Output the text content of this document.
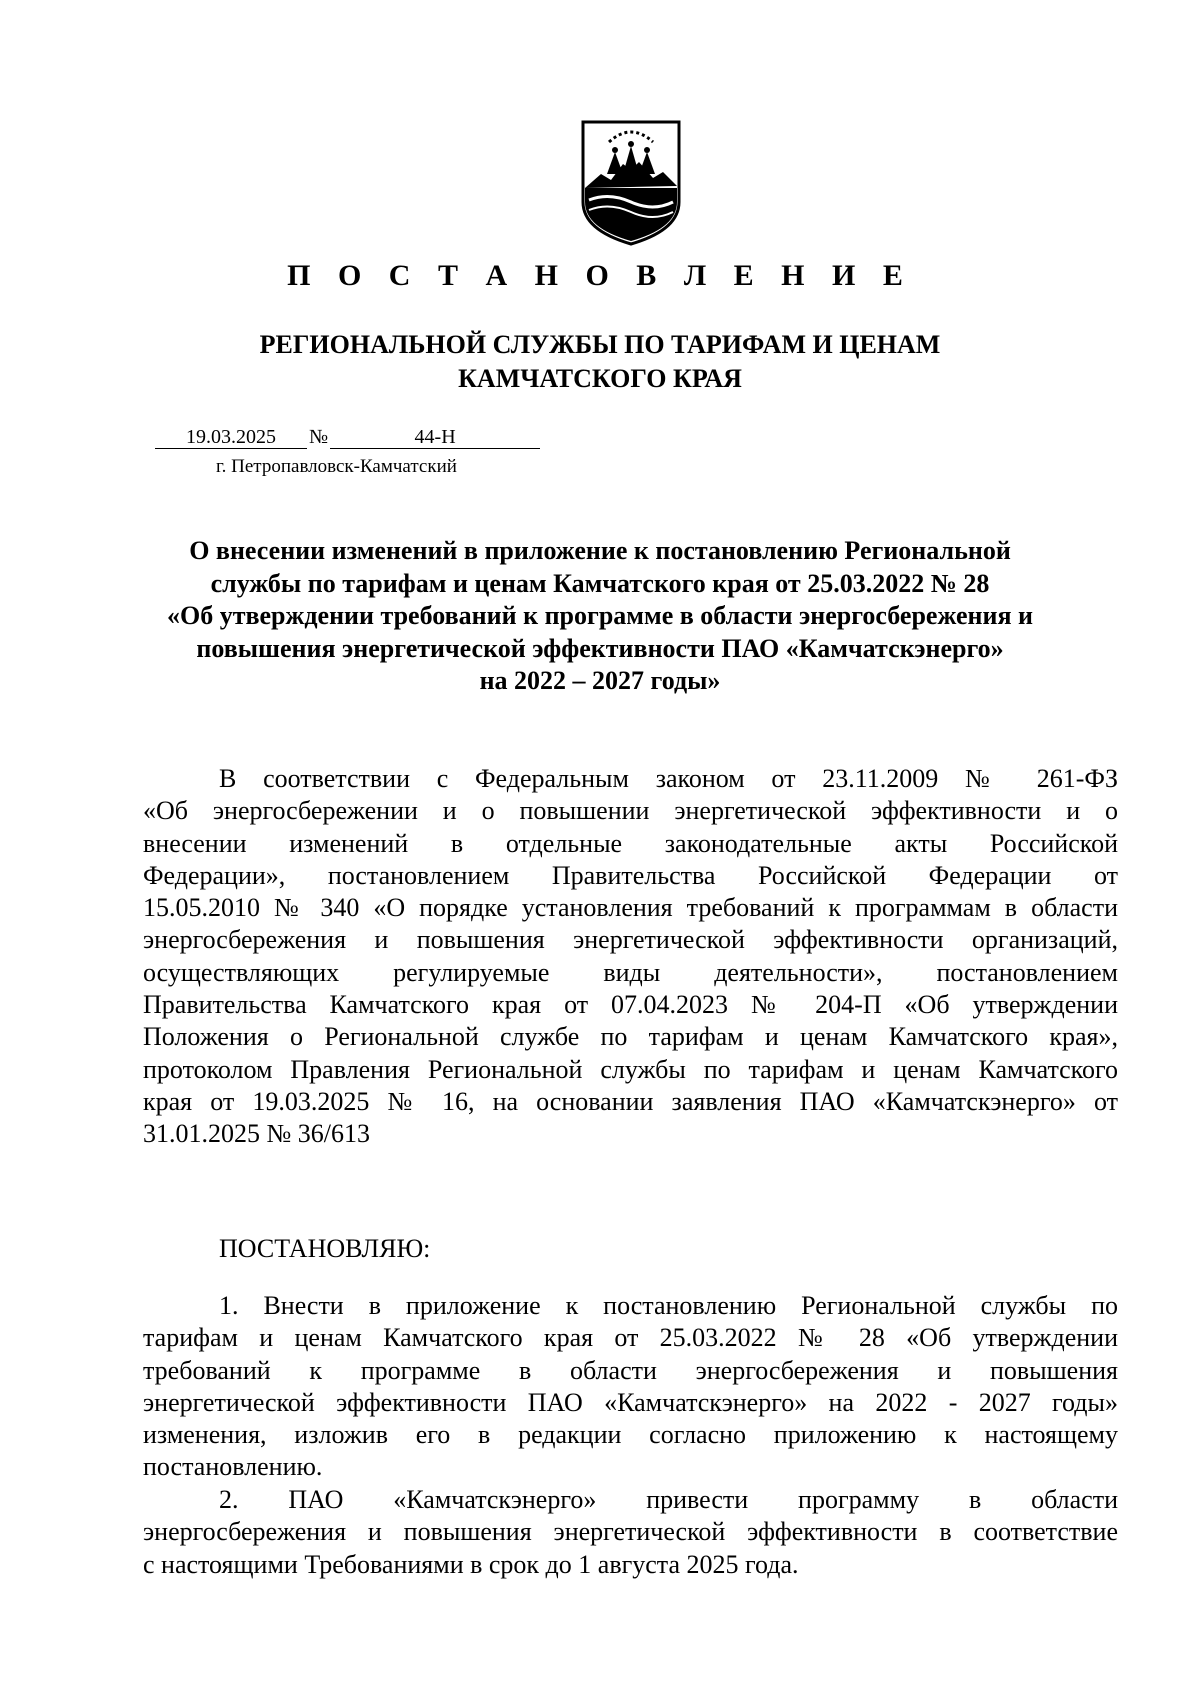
П О С Т А Н О В Л Е Н И Е
РЕГИОНАЛЬНОЙ СЛУЖБЫ ПО ТАРИФАМ И ЦЕНАМ
КАМЧАТСКОГО КРАЯ
19.03.2025 №	44-Н
г. Петропавловск-Камчатский
О внесении изменений в приложение к постановлению Региональной
службы по тарифам и ценам Камчатского края от 25.03.2022 № 28
«Об утверждении требований к программе в области энергосбережения и
повышения энергетической эффективности ПАО «Камчатскэнерго»
на 2022 – 2027 годы»
В соответствии с Федеральным законом от 23.11.2009 № 261-ФЗ
«Об энергосбережении и о повышении энергетической эффективности и о
внесении изменений в отдельные законодательные акты Российской
Федерации», постановлением Правительства Российской Федерации от
15.05.2010 № 340 «О порядке установления требований к программам в области
энергосбережения и повышения энергетической эффективности организаций,
осуществляющих регулируемые виды деятельности», постановлением
Правительства Камчатского края от 07.04.2023 № 204-П «Об утверждении
Положения о Региональной службе по тарифам и ценам Камчатского края»,
протоколом Правления Региональной службы по тарифам и ценам Камчатского
края от 19.03.2025 № 16, на основании заявления ПАО «Камчатскэнерго» от
31.01.2025 № 36/613
ПОСТАНОВЛЯЮ:
1. Внести в приложение к постановлению Региональной службы по
тарифам и ценам Камчатского края от 25.03.2022 № 28 «Об утверждении
требований к программе в области энергосбережения и повышения
энергетической эффективности ПАО «Камчатскэнерго» на 2022 - 2027 годы»
изменения, изложив его в редакции согласно приложению к настоящему
постановлению.
2. ПАО «Камчатскэнерго» привести программу в области
энергосбережения и повышения энергетической эффективности в соответствие
с настоящими Требованиями в срок до 1 августа 2025 года.
